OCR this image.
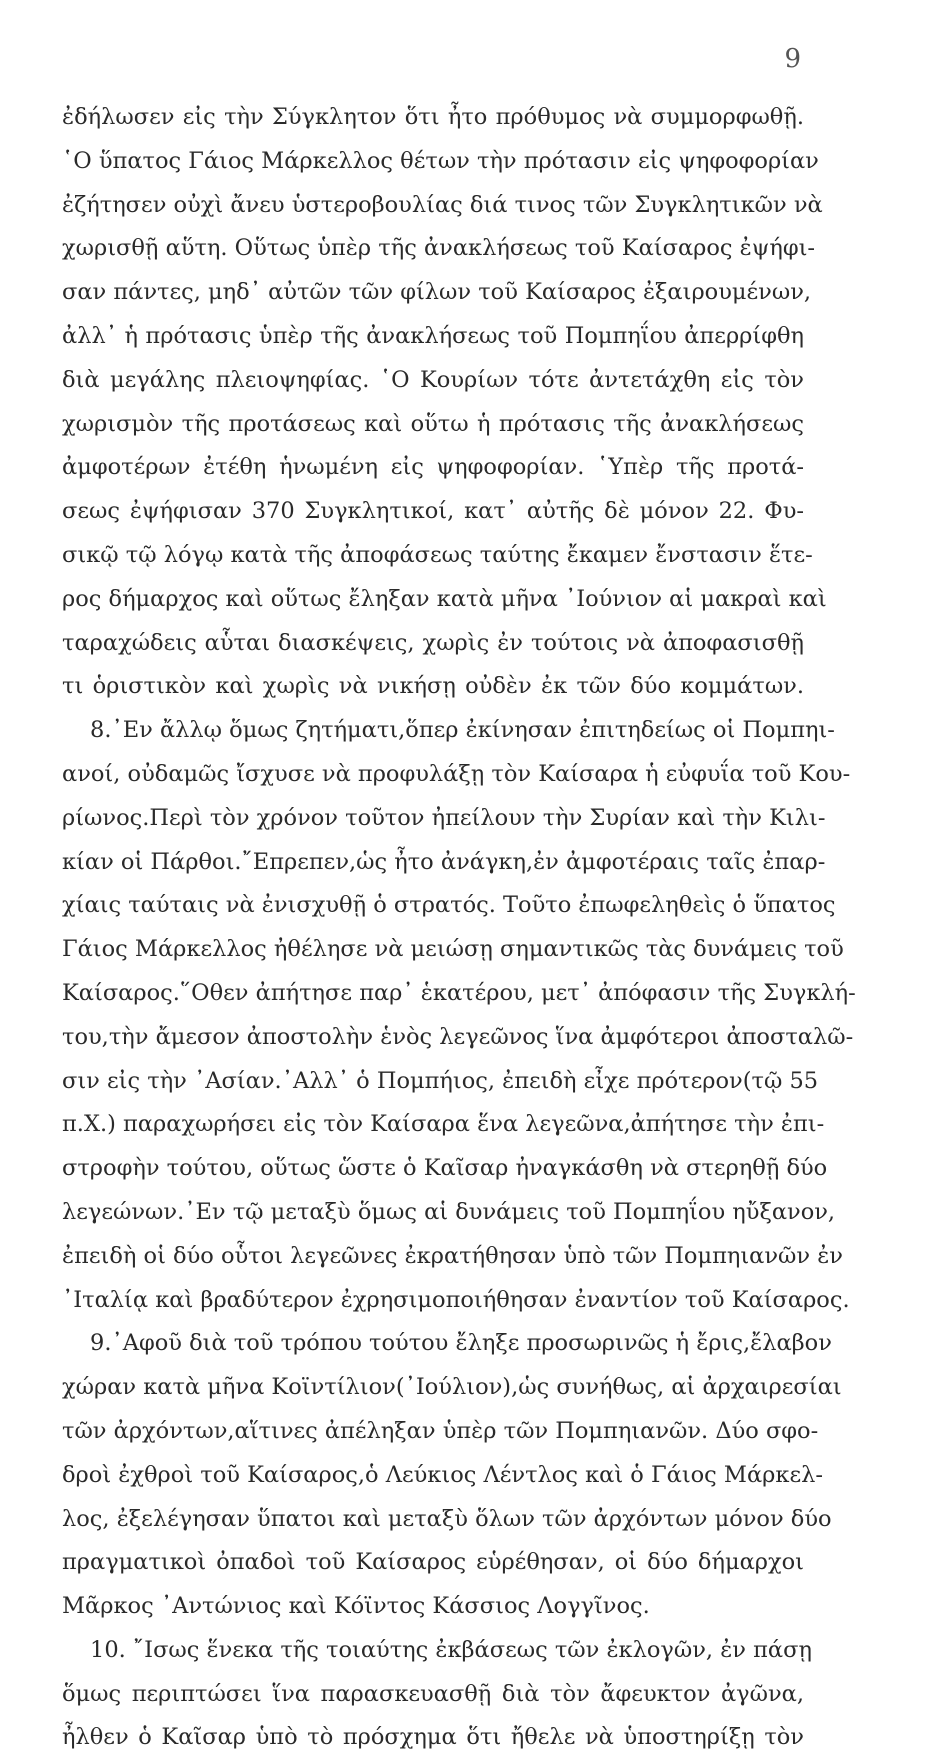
9
ἐδήλωσεν εἰς τὴν Σύγκλητον ὅτι ἦτο πρόθυμος νὰ συμμορφωθῇ.
῾Ο ὕπατος Γάιος Μάρκελλος θέτων τὴν πρότασιν εἰς ψηφοφορίαν
ἐζήτησεν οὐχὶ ἄνευ ὑστεροβουλίας διά τινος τῶν Συγκλητικῶν νὰ
χωρισθῇ αὕτη. Οὕτως ὑπὲρ τῆς ἀνακλήσεως τοῦ Καίσαρος ἐψήφι-
σαν πάντες, μηδ᾿ αὐτῶν τῶν φίλων τοῦ Καίσαρος ἐξαιρουμένων,
ἀλλ᾿ ἡ πρότασις ὑπὲρ τῆς ἀνακλήσεως τοῦ Πομπηΐου ἀπερρίφθη
διὰ μεγάλης πλειοψηφίας. ῾Ο Κουρίων τότε ἀντετάχθη εἰς τὸν
χωρισμὸν τῆς προτάσεως καὶ οὕτω ἡ πρότασις τῆς ἀνακλήσεως
ἀμφοτέρων ἐτέθη ἡνωμένη εἰς ψηφοφορίαν. ῾Υπὲρ τῆς προτά-
σεως ἐψήφισαν 370 Συγκλητικοί, κατ᾿ αὐτῆς δὲ μόνον 22. Φυ-
σικῷ τῷ λόγῳ κατὰ τῆς ἀποφάσεως ταύτης ἔκαμεν ἔνστασιν ἕτε-
ρος δήμαρχος καὶ οὕτως ἔληξαν κατὰ μῆνα ᾿Ιούνιον αἱ μακραὶ καὶ
ταραχώδεις αὗται διασκέψεις, χωρὶς ἐν τούτοις νὰ ἀποφασισθῇ
τι ὁριστικὸν καὶ χωρὶς νὰ νικήσῃ οὐδὲν ἐκ τῶν δύο κομμάτων.
8.᾿Εν ἄλλῳ ὅμως ζητήματι,ὅπερ ἐκίνησαν ἐπιτηδείως οἱ Πομπηι-
ανοί, οὐδαμῶς ἴσχυσε νὰ προφυλάξῃ τὸν Καίσαρα ἡ εὐφυΐα τοῦ Κου-
ρίωνος.Περὶ τὸν χρόνον τοῦτον ἠπείλουν τὴν Συρίαν καὶ τὴν Κιλι-
κίαν οἱ Πάρθοι.῎Επρεπεν,ὡς ἦτο ἀνάγκη,ἐν ἀμφοτέραις ταῖς ἐπαρ-
χίαις ταύταις νὰ ἐνισχυθῇ ὁ στρατός. Τοῦτο ἐπωφεληθεὶς ὁ ὕπατος
Γάιος Μάρκελλος ἠθέλησε νὰ μειώσῃ σημαντικῶς τὰς δυνάμεις τοῦ
Καίσαρος.῞Οθεν ἀπήτησε παρ᾿ ἑκατέρου, μετ᾿ ἀπόφασιν τῆς Συγκλή-
του,τὴν ἄμεσον ἀποστολὴν ἑνὸς λεγεῶνος ἵνα ἀμφότεροι ἀποσταλῶ-
σιν εἰς τὴν ᾿Ασίαν.᾿Αλλ᾿ ὁ Πομπήιος, ἐπειδὴ εἶχε πρότερον(τῷ 55
π.Χ.) παραχωρήσει εἰς τὸν Καίσαρα ἕνα λεγεῶνα,ἀπήτησε τὴν ἐπι-
στροφὴν τούτου, οὕτως ὥστε ὁ Καῖσαρ ἠναγκάσθη νὰ στερηθῇ δύο
λεγεώνων.᾿Εν τῷ μεταξὺ ὅμως αἱ δυνάμεις τοῦ Πομπηΐου ηὔξανον,
ἐπειδὴ οἱ δύο οὗτοι λεγεῶνες ἐκρατήθησαν ὑπὸ τῶν Πομπηιανῶν ἐν
᾿Ιταλίᾳ καὶ βραδύτερον ἐχρησιμοποιήθησαν ἐναντίον τοῦ Καίσαρος.
9.᾿Αφοῦ διὰ τοῦ τρόπου τούτου ἔληξε προσωρινῶς ἡ ἔρις,ἔλαβον
χώραν κατὰ μῆνα Κοϊντίλιον(᾿Ιούλιον),ὡς συνήθως, αἱ ἀρχαιρεσίαι
τῶν ἀρχόντων,αἵτινες ἀπέληξαν ὑπὲρ τῶν Πομπηιανῶν. Δύο σφο-
δροὶ ἐχθροὶ τοῦ Καίσαρος,ὁ Λεύκιος Λέντλος καὶ ὁ Γάιος Μάρκελ-
λος, ἐξελέγησαν ὕπατοι καὶ μεταξὺ ὅλων τῶν ἀρχόντων μόνον δύο
πραγματικοὶ ὀπαδοὶ τοῦ Καίσαρος εὑρέθησαν, οἱ δύο δήμαρχοι
Μᾶρκος ᾿Αντώνιος καὶ Κόϊντος Κάσσιος Λογγῖνος.
10. ῎Ισως ἕνεκα τῆς τοιαύτης ἐκβάσεως τῶν ἐκλογῶν, ἐν πάσῃ
ὅμως περιπτώσει ἵνα παρασκευασθῇ διὰ τὸν ἄφευκτον ἀγῶνα,
ἦλθεν ὁ Καῖσαρ ὑπὸ τὸ πρόσχημα ὅτι ἤθελε νὰ ὑποστηρίξῃ τὸν
